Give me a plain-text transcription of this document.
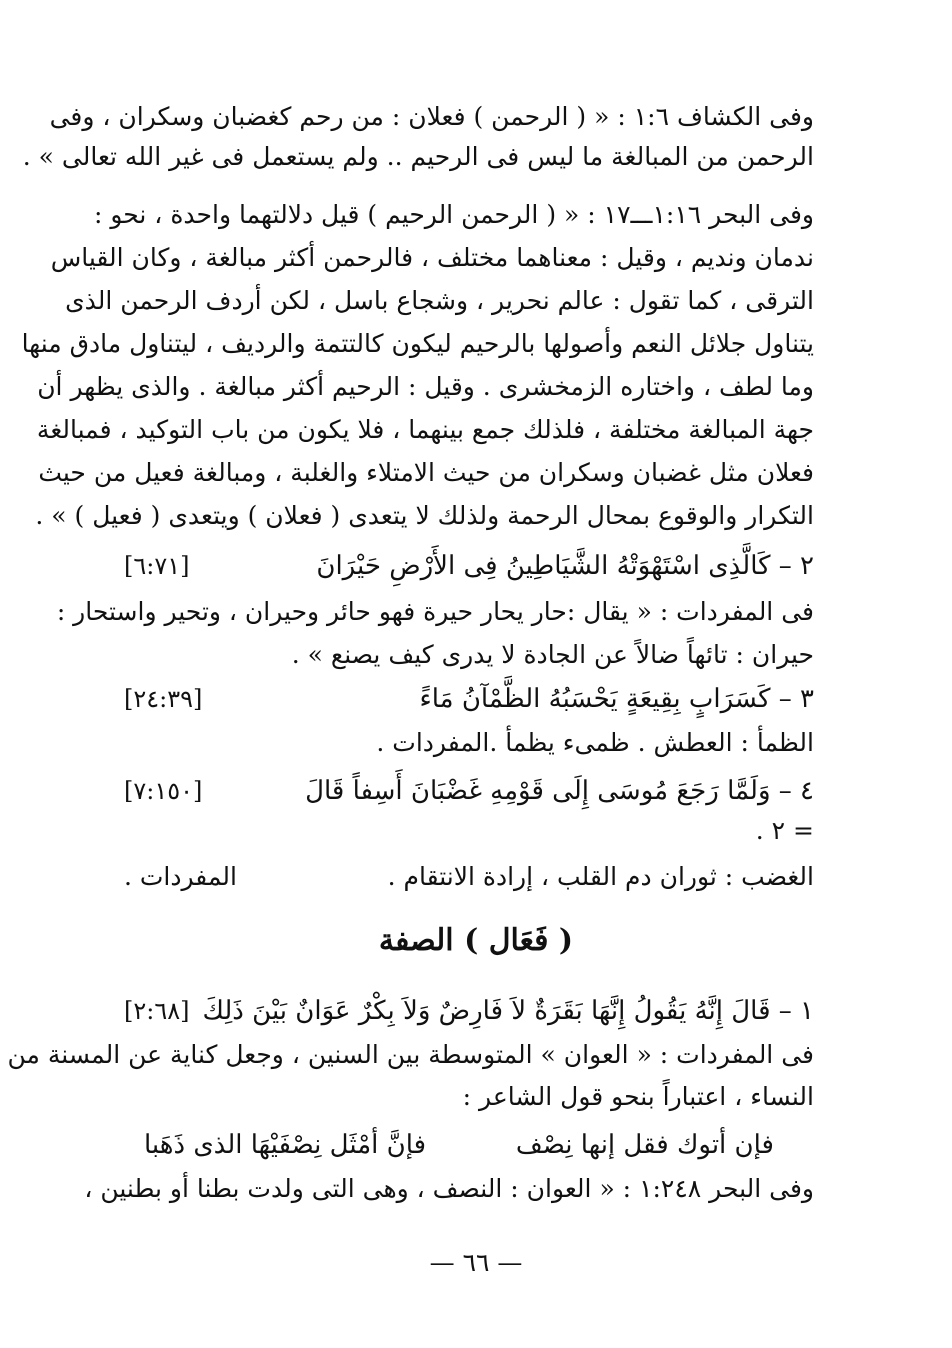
وفى الكشاف ١:٦ : « ( الرحمن ) فعلان : من رحم كغضبان وسكران ، وفى
الرحمن من المبالغة ما ليس فى الرحيم .. ولم يستعمل فى غير الله تعالى » .
وفى البحر ١:١٦ـــ١٧ : « ( الرحمن الرحيم ) قيل دلالتهما واحدة ، نحو :
ندمان ونديم ، وقيل : معناهما مختلف ، فالرحمن أكثر مبالغة ، وكان القياس
الترقى ، كما تقول : عالم نحرير ، وشجاع باسل ، لكن أردف الرحمن الذى
يتناول جلائل النعم وأصولها بالرحيم ليكون كالتتمة والرديف ، ليتناول مادق منها
وما لطف ، واختاره الزمخشرى . وقيل : الرحيم أكثر مبالغة . والذى يظهر أن
جهة المبالغة مختلفة ، فلذلك جمع بينهما ، فلا يكون من باب التوكيد ، فمبالغة
فعلان مثل غضبان وسكران من حيث الامتلاء والغلبة ، ومبالغة فعيل من حيث
التكرار والوقوع بمحال الرحمة ولذلك لا يتعدى ( فعلان ) ويتعدى ( فعيل ) » .
٢ – كَالَّذِى اسْتَهْوَتْهُ الشَّيَاطِينُ فِى الأَرْضِ حَيْرَانَ
[٦:٧١]
فى المفردات : « يقال :حار يحار حيرة فهو حائر وحيران ، وتحير واستحار :
حيران : تائهاً ضالاً عن الجادة لا يدرى كيف يصنع » .
٣ – كَسَرَابٍ بِقِيعَةٍ يَحْسَبُهُ الظَّمْآنُ مَاءً
[٢٤:٣٩]
الظمأ : العطش . ظمىء يظمأ .المفردات .
٤ – وَلَمَّا رَجَعَ مُوسَى إِلَى قَوْمِهِ غَضْبَانَ أَسِفاً قَالَ
[٧:١٥٠]
= ٢ .
الغضب : ثوران دم القلب ، إرادة الانتقام .
المفردات .
( فَعَال ) الصفة
١ – قَالَ إِنَّهُ يَقُولُ إِنَّهَا بَقَرَةٌ لاَ فَارِضٌ وَلاَ بِكْرٌ عَوَانٌ بَيْنَ ذَلِكَ
[٢:٦٨]
فى المفردات : « العوان » المتوسطة بين السنين ، وجعل كناية عن المسنة من
النساء ، اعتباراً بنحو قول الشاعر :
فإن أتوك فقل إنها نِصْف
فإنَّ أمْثَل نِصْفَيْهَا الذى ذَهَبا
وفى البحر ١:٢٤٨ : « العوان : النصف ، وهى التى ولدت بطنا أو بطنين ،
— ٦٦ —
